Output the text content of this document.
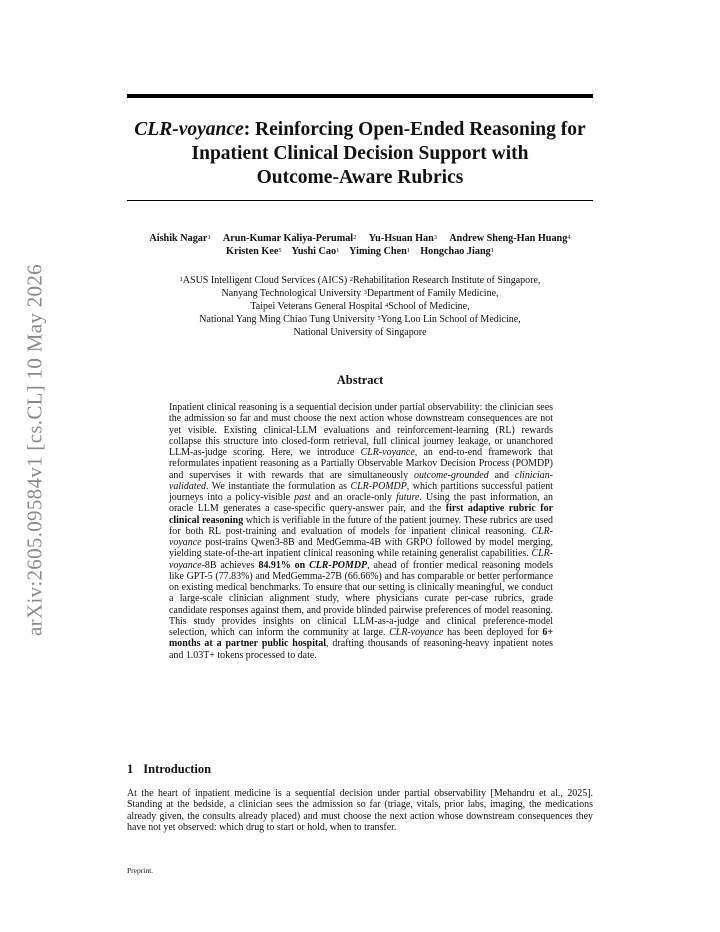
arXiv:2605.09584v1 [cs.CL] 10 May 2026
CLR-voyance: Reinforcing Open-Ended Reasoning for
Inpatient Clinical Decision Support with
Outcome-Aware Rubrics
Aishik Nagar$^1$ Arun-Kumar Kaliya-Perumal$^2$ Yu-Hsuan Han$^3$ Andrew Sheng-Han Huang$^4$
Kristen Kee$^5$ Yushi Cao$^1$ Yiming Chen$^1$ Hongchao Jiang$^1$
$^1$ASUS Intelligent Cloud Services (AICS) $^2$Rehabilitation Research Institute of Singapore,
Nanyang Technological University $^3$Department of Family Medicine,
Taipei Veterans General Hospital $^4$School of Medicine,
National Yang Ming Chiao Tung University $^5$Yong Loo Lin School of Medicine,
National University of Singapore
Abstract
Inpatient clinical reasoning is a sequential decision under partial observability: the clinician sees the admission so far and must choose the next action whose downstream consequences are not yet visible. Existing clinical-LLM evaluations and reinforcement-learning (RL) rewards collapse this structure into closed-form retrieval, full clinical journey leakage, or unanchored LLM-as-judge scoring. Here, we introduce CLR-voyance, an end-to-end framework that reformulates inpatient reasoning as a Partially Observable Markov Decision Process (POMDP) and supervises it with rewards that are simultaneously outcome-grounded and clinician-validated. We instantiate the formulation as CLR-POMDP, which partitions successful patient journeys into a policy-visible past and an oracle-only future. Using the past information, an oracle LLM generates a case-specific query-answer pair, and the first adaptive rubric for clinical reasoning which is verifiable in the future of the patient journey. These rubrics are used for both RL post-training and evaluation of models for inpatient clinical reasoning. CLR-voyance post-trains Qwen3-8B and MedGemma-4B with GRPO followed by model merging, yielding state-of-the-art inpatient clinical reasoning while retaining generalist capabilities. CLR-voyance-8B achieves 84.91% on CLR-POMDP, ahead of frontier medical reasoning models like GPT-5 (77.83%) and MedGemma-27B (66.66%) and has comparable or better performance on existing medical benchmarks. To ensure that our setting is clinically meaningful, we conduct a large-scale clinician alignment study, where physicians curate per-case rubrics, grade candidate responses against them, and provide blinded pairwise preferences of model reasoning. This study provides insights on clinical LLM-as-a-judge and clinical preference-model selection, which can inform the community at large. CLR-voyance has been deployed for 6+ months at a partner public hospital, drafting thousands of reasoning-heavy inpatient notes and 1.03T+ tokens processed to date.
1 Introduction
At the heart of inpatient medicine is a sequential decision under partial observability [Mehandru et al., 2025]. Standing at the bedside, a clinician sees the admission so far (triage, vitals, prior labs, imaging, the medications already given, the consults already placed) and must choose the next action whose downstream consequences they have not yet observed: which drug to start or hold, when to transfer.
Preprint.
